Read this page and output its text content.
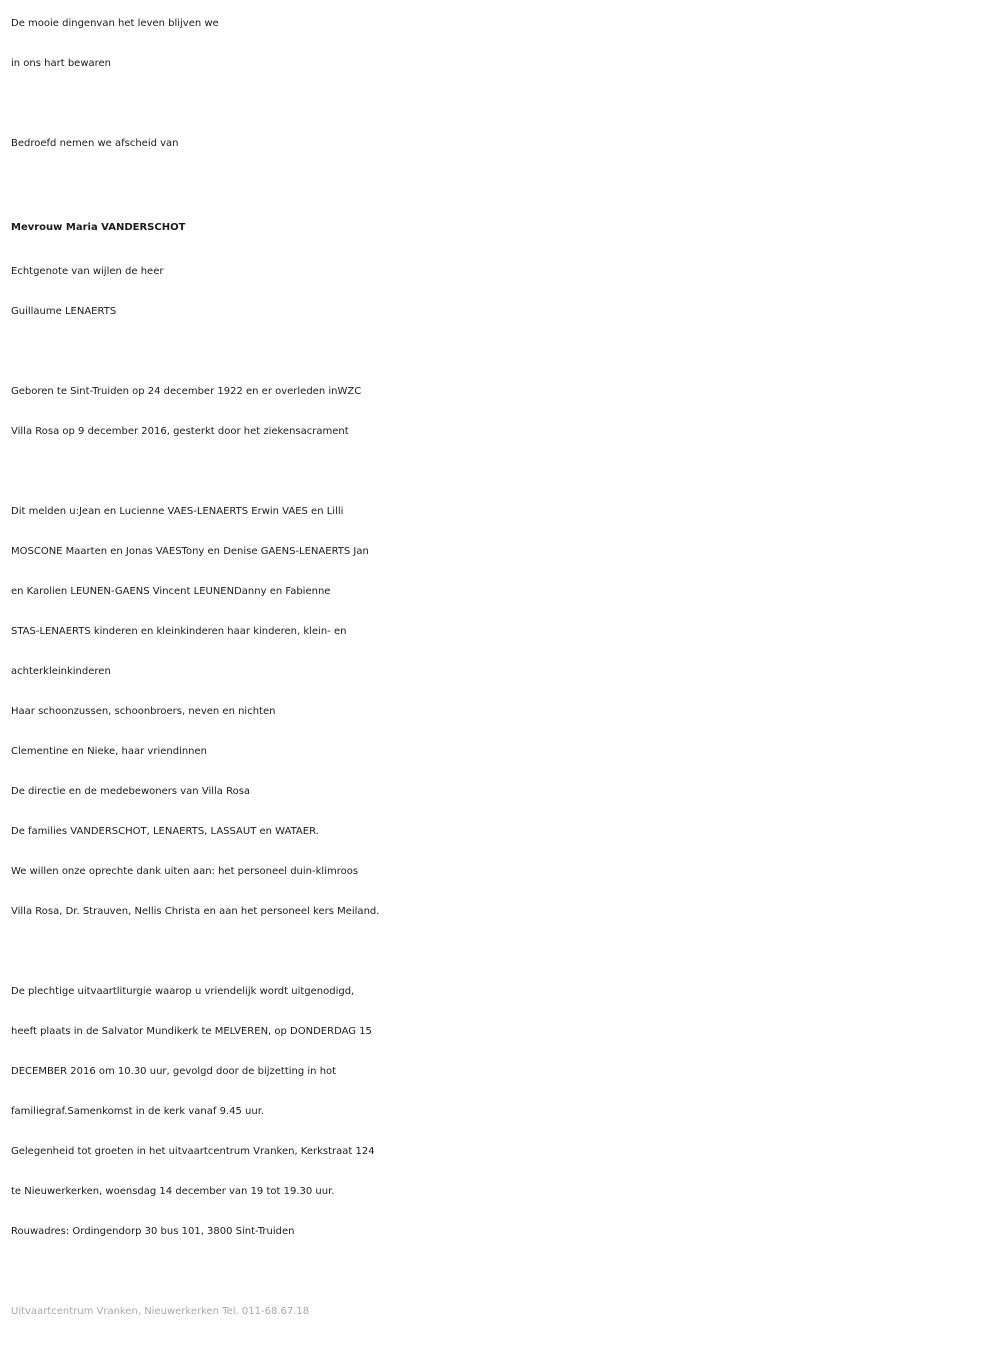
De mooie dingenvan het leven blijven we
in ons hart bewaren
Bedroefd nemen we afscheid van
Mevrouw Maria VANDERSCHOT
Echtgenote van wijlen de heer
Guillaume LENAERTS
Geboren te Sint-Truiden op 24 december 1922 en er overleden inWZC
Villa Rosa op 9 december 2016, gesterkt door het ziekensacrament
Dit melden u:Jean en Lucienne VAES-LENAERTS Erwin VAES en Lilli
MOSCONE Maarten en Jonas VAESTony en Denise GAENS-LENAERTS Jan
en Karolien LEUNEN-GAENS Vincent LEUNENDanny en Fabienne
STAS-LENAERTS kinderen en kleinkinderen haar kinderen, klein- en
achterkleinkinderen
Haar schoonzussen, schoonbroers, neven en nichten
Clementine en Nieke, haar vriendinnen
De directie en de medebewoners van Villa Rosa
De families VANDERSCHOT, LENAERTS, LASSAUT en WATAER.
We willen onze oprechte dank uiten aan: het personeel duin-klimroos
Villa Rosa, Dr. Strauven, Nellis Christa en aan het personeel kers Meiland.
De plechtige uitvaartliturgie waarop u vriendelijk wordt uitgenodigd,
heeft plaats in de Salvator Mundikerk te MELVEREN, op DONDERDAG 15
DECEMBER 2016 om 10.30 uur, gevolgd door de bijzetting in hot
familiegraf.Samenkomst in de kerk vanaf 9.45 uur.
Gelegenheid tot groeten in het uitvaartcentrum Vranken, Kerkstraat 124
te Nieuwerkerken, woensdag 14 december van 19 tot 19.30 uur.
Rouwadres: Ordingendorp 30 bus 101, 3800 Sint-Truiden
Uitvaartcentrum Vranken, Nieuwerkerken Tel. 011-68.67.18
